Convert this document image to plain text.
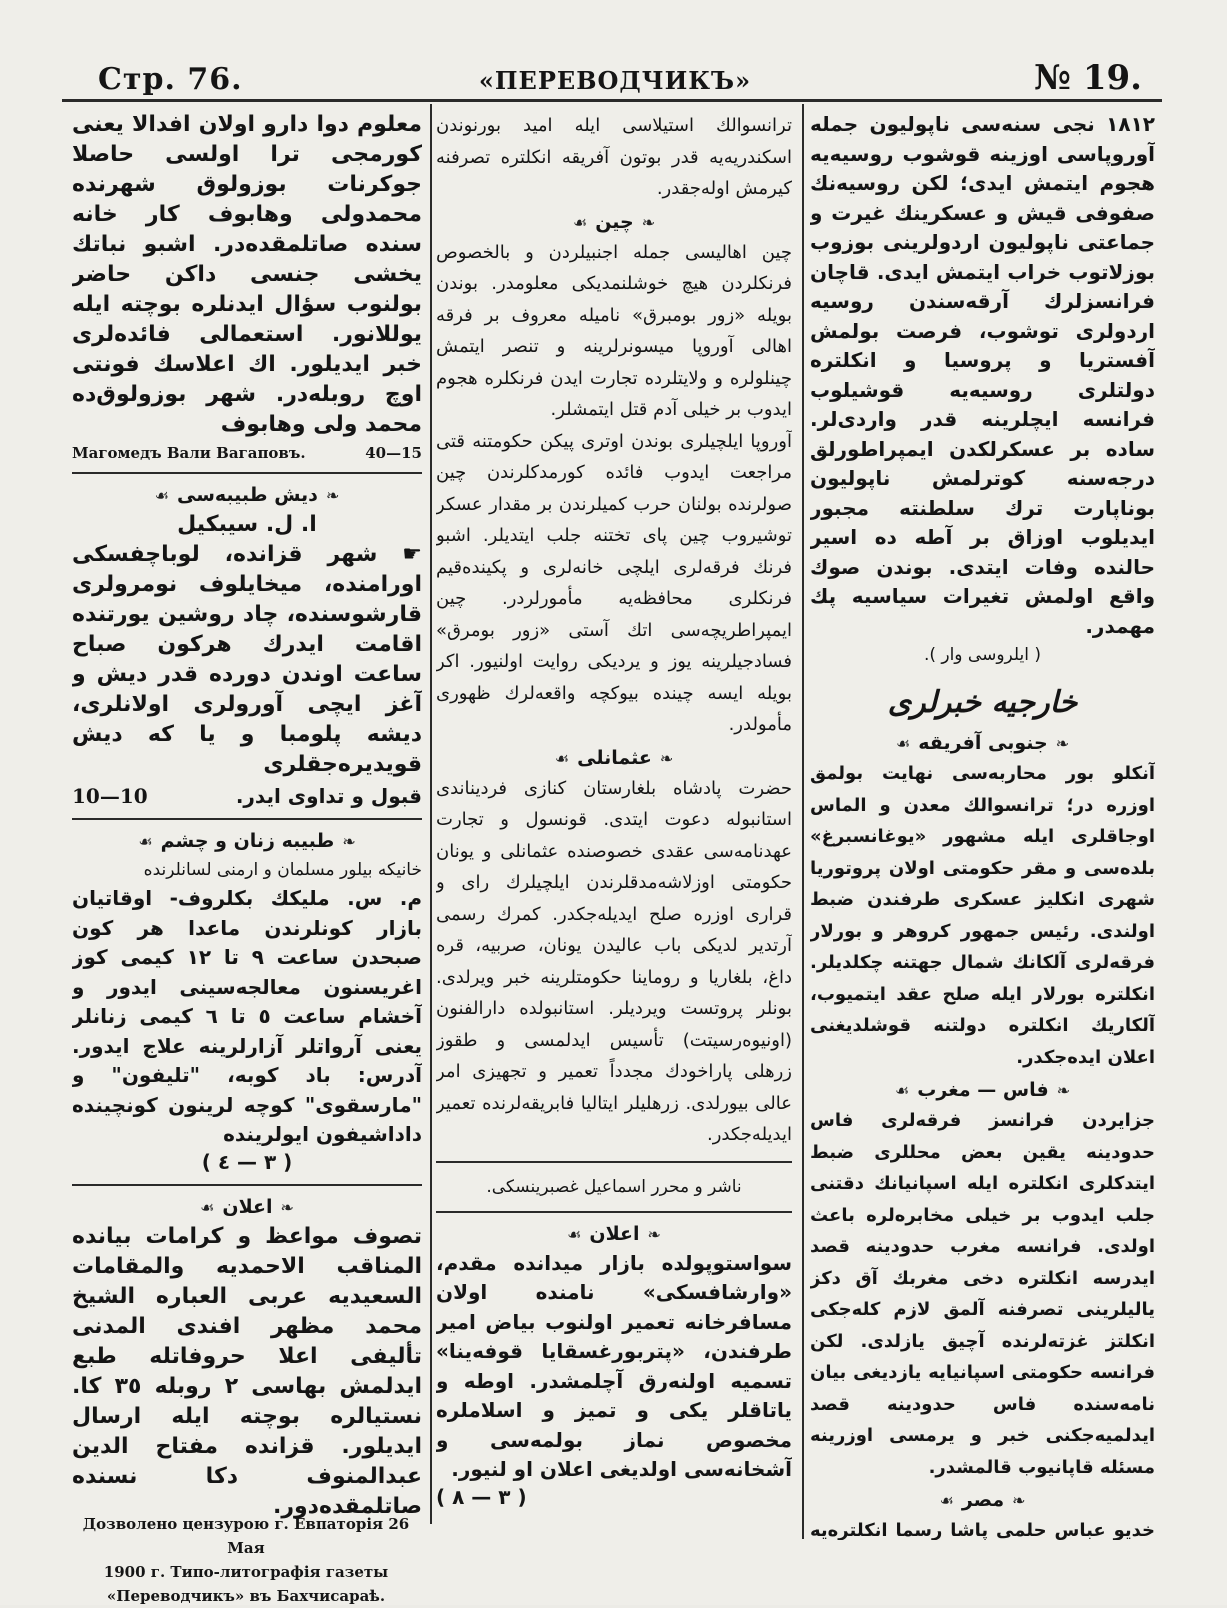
Стр. 76.	«ПЕРЕВОДЧИКЪ»	№ 19.

معلوم دوا دارو اولان افدالا يعنى كورمجى ترا اولسى حاصلا جوكرنات بوزولوق شهرنده محمدولى وهابوف كار خانه سنده صاتلمقده‌در. اشبو نباتك يخشى جنسى داكن حاضر بولنوب سؤال ايدنلره بوچته ايله يوللانور. استعمالى فائده‌لرى خبر ايديلور. اك اعلاسك فونتى اوچ روبله‌در. شهر بوزولوق‌ده محمد ولى وهابوف

Магомедъ Вали Вагаповъ.	40—15
❧ديش طبيبه‌سى☙
ا. ل. سيبكيل

☛ شهر قزانده، لوباچفسكى اورامنده، ميخايلوف نومرولرى قارشوسنده، چاد روشين يورتنده اقامت ايدرك هركون صباح ساعت اوندن دورده قدر ديش و آغز ايچى آورولرى اولانلرى، ديشه پلومبا و يا كه ديش قويديره‌جقلرى

10—10	قبول و تداوى ايدر.
❧طبيبه زنان و چشم☙

خانيكه بيلور مسلمان و ارمنى لسانلرنده

م. س. مليكك بكلروف- اوقاتيان بازار كونلرندن ماعدا هر كون صبحدن ساعت ٩ تا ١٢ كيمى كوز اغريسنون معالجه‌سينى ايدور و آخشام ساعت ٥ تا ٦ كيمى زنانلر يعنى آرواتلر آزارلرينه علاج ايدور. آدرس: باد كوبه، "تليفون" و "مارسقوى" كوچه لرينون كونچينده داداشيفون ايولرينده

( ٣ — ٤ )
❧اعلان☙

تصوف مواعظ و كرامات بيانده المناقب الاحمديه والمقامات السعيديه عربى العباره الشيخ محمد مظهر افندى المدنى تأليفى اعلا حروفاتله طبع ايدلمش بهاسى ٢ روبله ٣٥ كا. نستيالره بوچته ايله ارسال ايديلور. قزانده مفتاح الدين عبدالمنوف دكا نسنده صاتلمقده‌دور.

Дозволено цензурою г. Евпаторія 26 Мая
1900 г. Типо-литографія газеты
«Переводчикъ» въ Бахчисараѣ.

ترانسوالك استيلاسى ايله اميد بورنوندن اسكندريه‌يه قدر بوتون آفريقه انكلتره تصرفنه كيرمش اوله‌جقدر.

❧چين☙

چين اهاليسى جمله اجنبيلردن و بالخصوص فرنكلردن هيچ خوشلنمديكى معلومدر. بوندن بويله «زور بومبرق» ناميله معروف بر فرقه اهالى آوروپا ميسونرلرينه و تنصر ايتمش چينلولره و ولايتلرده تجارت ايدن فرنكلره هجوم ايدوب بر خيلى آدم قتل ايتمشلر.

آوروپا ايلچيلرى بوندن اوترى پيكن حكومتنه قتى مراجعت ايدوب فائده كورمدكلرندن چين صولرنده بولنان حرب كميلرندن بر مقدار عسكر توشيروب چين پاى تختنه جلب ايتديلر. اشبو فرنك فرقه‌لرى ايلچى خانه‌لرى و پكينده‌قيم فرنكلرى محافظه‌يه مأمورلردر. چين ايمپراطريچه‌سى اتك آستى «زور بومرق» فسادجيلرينه يوز و يرديكى روايت اولنيور. اكر بويله ايسه چينده بيوكچه واقعه‌لرك ظهورى مأمولدر.

❧عثمانلى☙

حضرت پادشاه بلغارستان كنازى فرديناندى استانبوله دعوت ايتدى. قونسول و تجارت عهدنامه‌سى عقدى خصوصنده عثمانلى و يونان حكومتى اوزلاشه‌مدقلرندن ايلچيلرك راى و قرارى اوزره صلح ايديله‌جكدر. كمرك رسمى آرتدير لديكى باب عاليدن يونان، صربيه، قره داغ، بلغاريا و روماينا حكومتلرينه خبر ويرلدى. بونلر پروتست ويرديلر. استانبولده دارالفنون (اونيوه‌رسيتت) تأسيس ايدلمسى و طقوز زرهلى پاراخودك مجدداً تعمير و تجهيزى امر عالى بيورلدى. زرهليلر ايتاليا فابريقه‌لرنده تعمير ايديله‌جكدر.

ناشر و محرر اسماعيل غصبرينسكى.

❧اعلان☙

سواستوپولده بازار ميدانده مقدم، «وارشافسكى» نامنده اولان مسافرخانه تعمير اولنوب بياض امير طرفندن، «پتربورغسقايا قوفه‌ينا» تسميه اولنه‌رق آچلمشدر. اوطه و ياتاقلر يكى و تميز و اسلاملره مخصوص نماز بولمه‌سى و آشخانه‌سى اولديغى اعلان او لنيور.

( ٣ — ٨ )

١٨١٢ نجى سنه‌سى ناپوليون جمله آوروپاسى اوزينه قوشوب روسيه‌يه هجوم ايتمش ايدى؛ لكن روسيه‌نك صفوفى قيش و عسكرينك غيرت و جماعتى ناپوليون اردولرينى بوزوب بوزلاتوب خراب ايتمش ايدى. قاچان فرانسزلرك آرقه‌سندن روسيه اردولرى توشوب، فرصت بولمش آفستريا و پروسيا و انكلتره دولتلرى روسيه‌يه قوشيلوب فرانسه ايچلرينه قدر واردى‌لر. ساده بر عسكرلكدن ايمپراطورلق درجه‌سنه كوترلمش ناپوليون بوناپارت ترك سلطنته مجبور ايديلوب اوزاق بر آطه ده اسير حالنده وفات ايتدى. بوندن صوك واقع اولمش تغيرات سياسيه پك مهمدر.

( ايلروسى وار ).

خارجيه خبرلرى
❧جنوبى آفريقه☙

آنكلو بور محاربه‌سى نهايت بولمق اوزره در؛ ترانسوالك معدن و الماس اوجاقلرى ايله مشهور «يوغانسبرغ» بلده‌سى و مقر حكومتى اولان پروتوريا شهرى انكليز عسكرى طرفندن ضبط اولندى. رئيس جمهور كروهر و بورلار فرقه‌لرى آلكانك شمال جهتنه چكلديلر. انكلتره بورلار ايله صلح عقد ايتميوب، آلكاريك انكلتره دولتنه قوشلديغنى اعلان ايده‌جكدر.

❧فاس — مغرب☙

جزايردن فرانسز فرقه‌لرى فاس حدودينه يقين بعض محللرى ضبط ايتدكلرى انكلتره ايله اسپانيانك دقتنى جلب ايدوب بر خيلى مخابره‌لره باعث اولدى. فرانسه مغرب حدودينه قصد ايدرسه انكلتره دخى مغربك آق دكز ياليلرينى تصرفنه آلمق لازم كله‌جكى انكلتز غزته‌لرنده آچيق يازلدى. لكن فرانسه حكومتى اسپانيايه يازديغى بيان نامه‌سنده فاس حدودينه قصد ايدلميه‌جكنى خبر و يرمسى اوزرينه مسئله قاپانيوب قالمشدر.

❧مصر☙

خديو عباس حلمى پاشا رسما انكلتره‌يه
